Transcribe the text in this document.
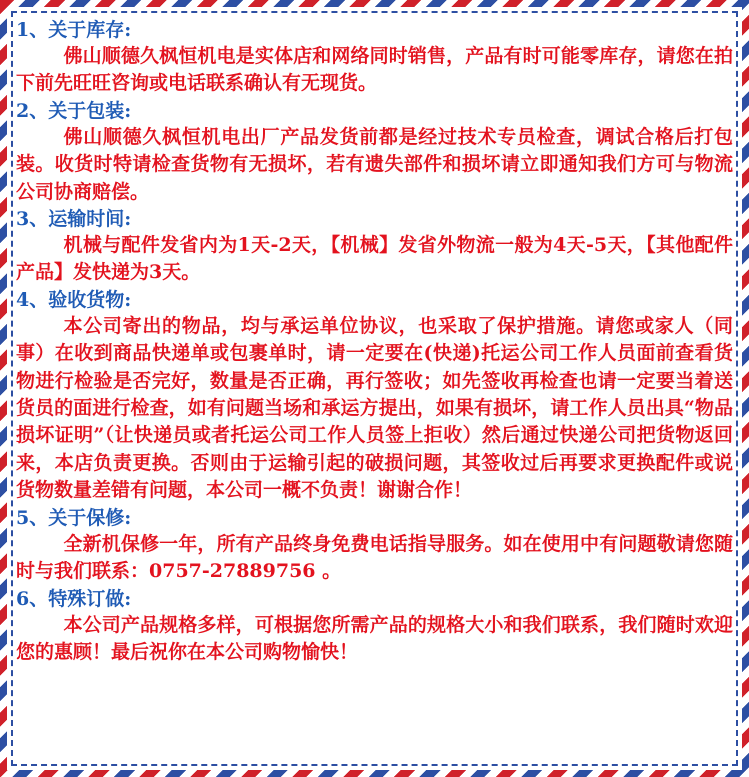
1、关于库存:

佛山顺德久枫恒机电是实体店和网络同时销售，产品有时可能零库存，请您在拍下前先旺旺咨询或电话联系确认有无现货。

2、关于包装:

佛山顺德久枫恒机电出厂产品发货前都是经过技术专员检查，调试合格后打包装。收货时特请检查货物有无损坏，若有遗失部件和损坏请立即通知我们方可与物流公司协商赔偿。

3、运输时间:

机械与配件发省内为1天-2天，【机械】发省外物流一般为4天-5天，【其他配件产品】发快递为3天。

4、验收货物:

本公司寄出的物品，均与承运单位协议，也采取了保护措施。请您或家人（同事）在收到商品快递单或包裹单时，请一定要在(快递)托运公司工作人员面前查看货物进行检验是否完好，数量是否正确，再行签收；如先签收再检查也请一定要当着送货员的面进行检查，如有问题当场和承运方提出，如果有损坏，请工作人员出具“物品损坏证明”（让快递员或者托运公司工作人员签上拒收）然后通过快递公司把货物返回来，本店负责更换。否则由于运输引起的破损问题，其签收过后再要求更换配件或说货物数量差错有问题，本公司一概不负责！谢谢合作！

5、关于保修:

全新机保修一年，所有产品终身免费电话指导服务。如在使用中有问题敬请您随时与我们联系：0757-27889756 。

6、特殊订做:

本公司产品规格多样，可根据您所需产品的规格大小和我们联系，我们随时欢迎您的惠顾！最后祝你在本公司购物愉快！
